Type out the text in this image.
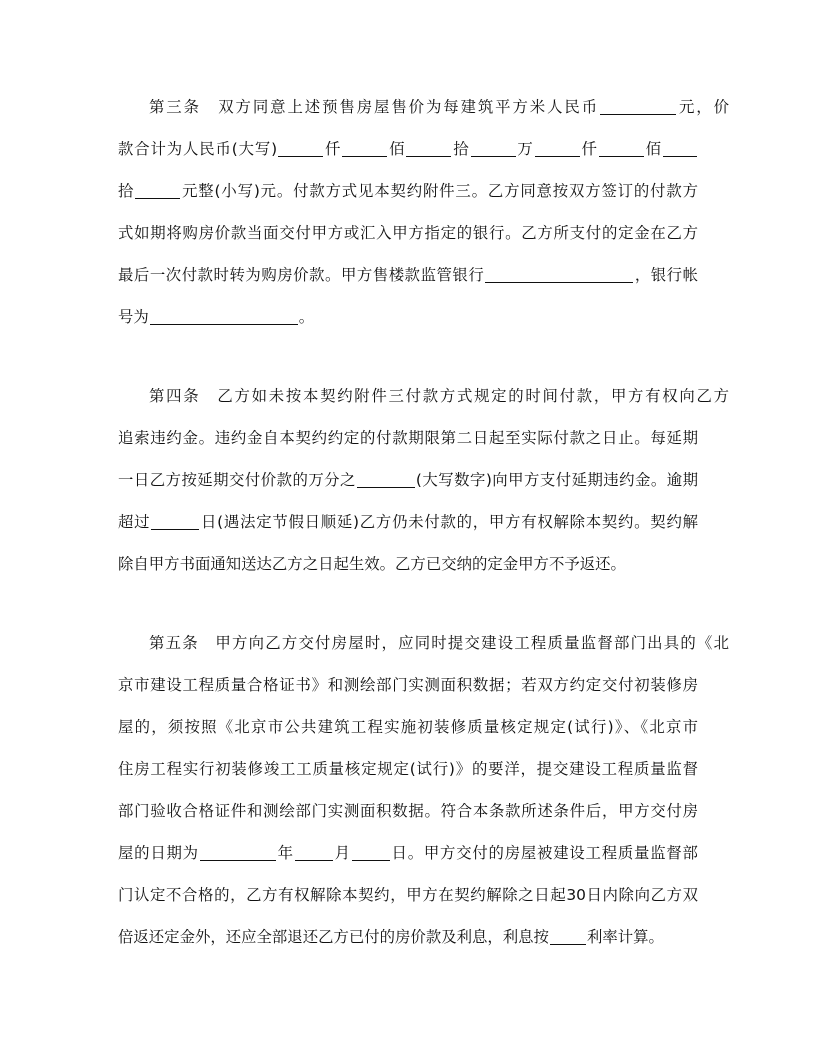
第三条　双方同意上述预售房屋售价为每建筑平方米人民币	元，价
款合计为人民币(大写)	仟	佰	拾	万	仟	佰
拾	元整(小写)元。付款方式见本契约附件三。乙方同意按双方签订的付款方
式如期将购房价款当面交付甲方或汇入甲方指定的银行。乙方所支付的定金在乙方
最后一次付款时转为购房价款。甲方售楼款监管银行	，银行帐
号为	。
第四条　乙方如未按本契约附件三付款方式规定的时间付款，甲方有权向乙方
追索违约金。违约金自本契约约定的付款期限第二日起至实际付款之日止。每延期
一日乙方按延期交付价款的万分之	(大写数字)向甲方支付延期违约金。逾期
超过	日(遇法定节假日顺延)乙方仍未付款的，甲方有权解除本契约。契约解
除自甲方书面通知送达乙方之日起生效。乙方已交纳的定金甲方不予返还。
第五条　甲方向乙方交付房屋时，应同时提交建设工程质量监督部门出具的《北
京市建设工程质量合格证书》和测绘部门实测面积数据；若双方约定交付初装修房
屋的，须按照《北京市公共建筑工程实施初装修质量核定规定(试行)》、《北京市
住房工程实行初装修竣工工质量核定规定(试行)》的要洋，提交建设工程质量监督
部门验收合格证件和测绘部门实测面积数据。符合本条款所述条件后，甲方交付房
屋的日期为	年	月	日。甲方交付的房屋被建设工程质量监督部
门认定不合格的，乙方有权解除本契约，甲方在契约解除之日起30日内除向乙方双
倍返还定金外，还应全部退还乙方已付的房价款及利息，利息按 利率计算。
